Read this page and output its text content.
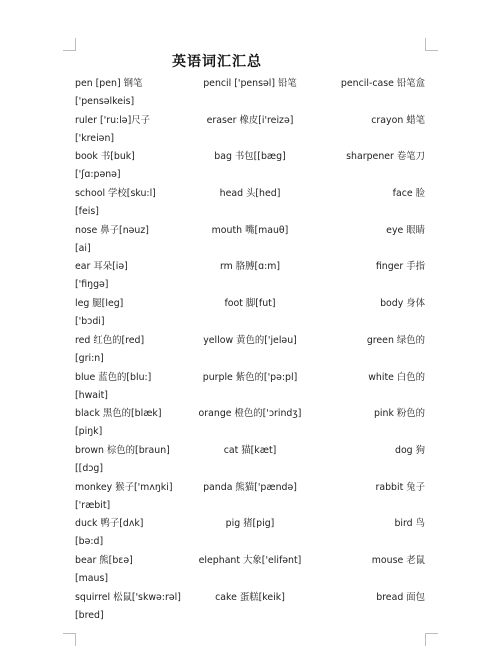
英语词汇汇总
pen [pen] 钢笔	pencil ['pensəl] 铅笔	pencil-case 铅笔盒
['pensəlkeis]
ruler ['ru:lə]尺子	eraser 橡皮[i'reizə]	crayon 蜡笔
['kreiən]
book 书[buk]	bag 书包[[bæg]	sharpener 卷笔刀
['ʃɑ:pənə]
school 学校[sku:l]	head 头[hed]	face 脸
[feis]
nose 鼻子[nəuz]	mouth 嘴[mauθ]	eye 眼睛
[ai]
ear 耳朵[iə]	rm 胳膊[ɑ:m]	finger 手指
['fiŋgə]
leg 腿[leg]	foot 脚[fut]	body 身体
['bɔdi]
red 红色的[red]	yellow 黄色的['jeləu]	green 绿色的
[gri:n]
blue 蓝色的[blu:]	purple 紫色的['pə:pl]	white 白色的
[hwait]
black 黑色的[blæk]	orange 橙色的['ɔrindʒ]	pink 粉色的
[piŋk]
brown 棕色的[braun]	cat 猫[kæt]	dog 狗
[[dɔg]
monkey 猴子['mʌŋki]	panda 熊猫['pændə]	rabbit 兔子
['ræbit]
duck 鸭子[dʌk]	pig 猪[pig]	bird 鸟
[bə:d]
bear 熊[bɛə]	elephant 大象['elifənt]	mouse 老鼠
[maus]
squirrel 松鼠['skwə:rəl]	cake 蛋糕[keik]	bread 面包
[bred]
